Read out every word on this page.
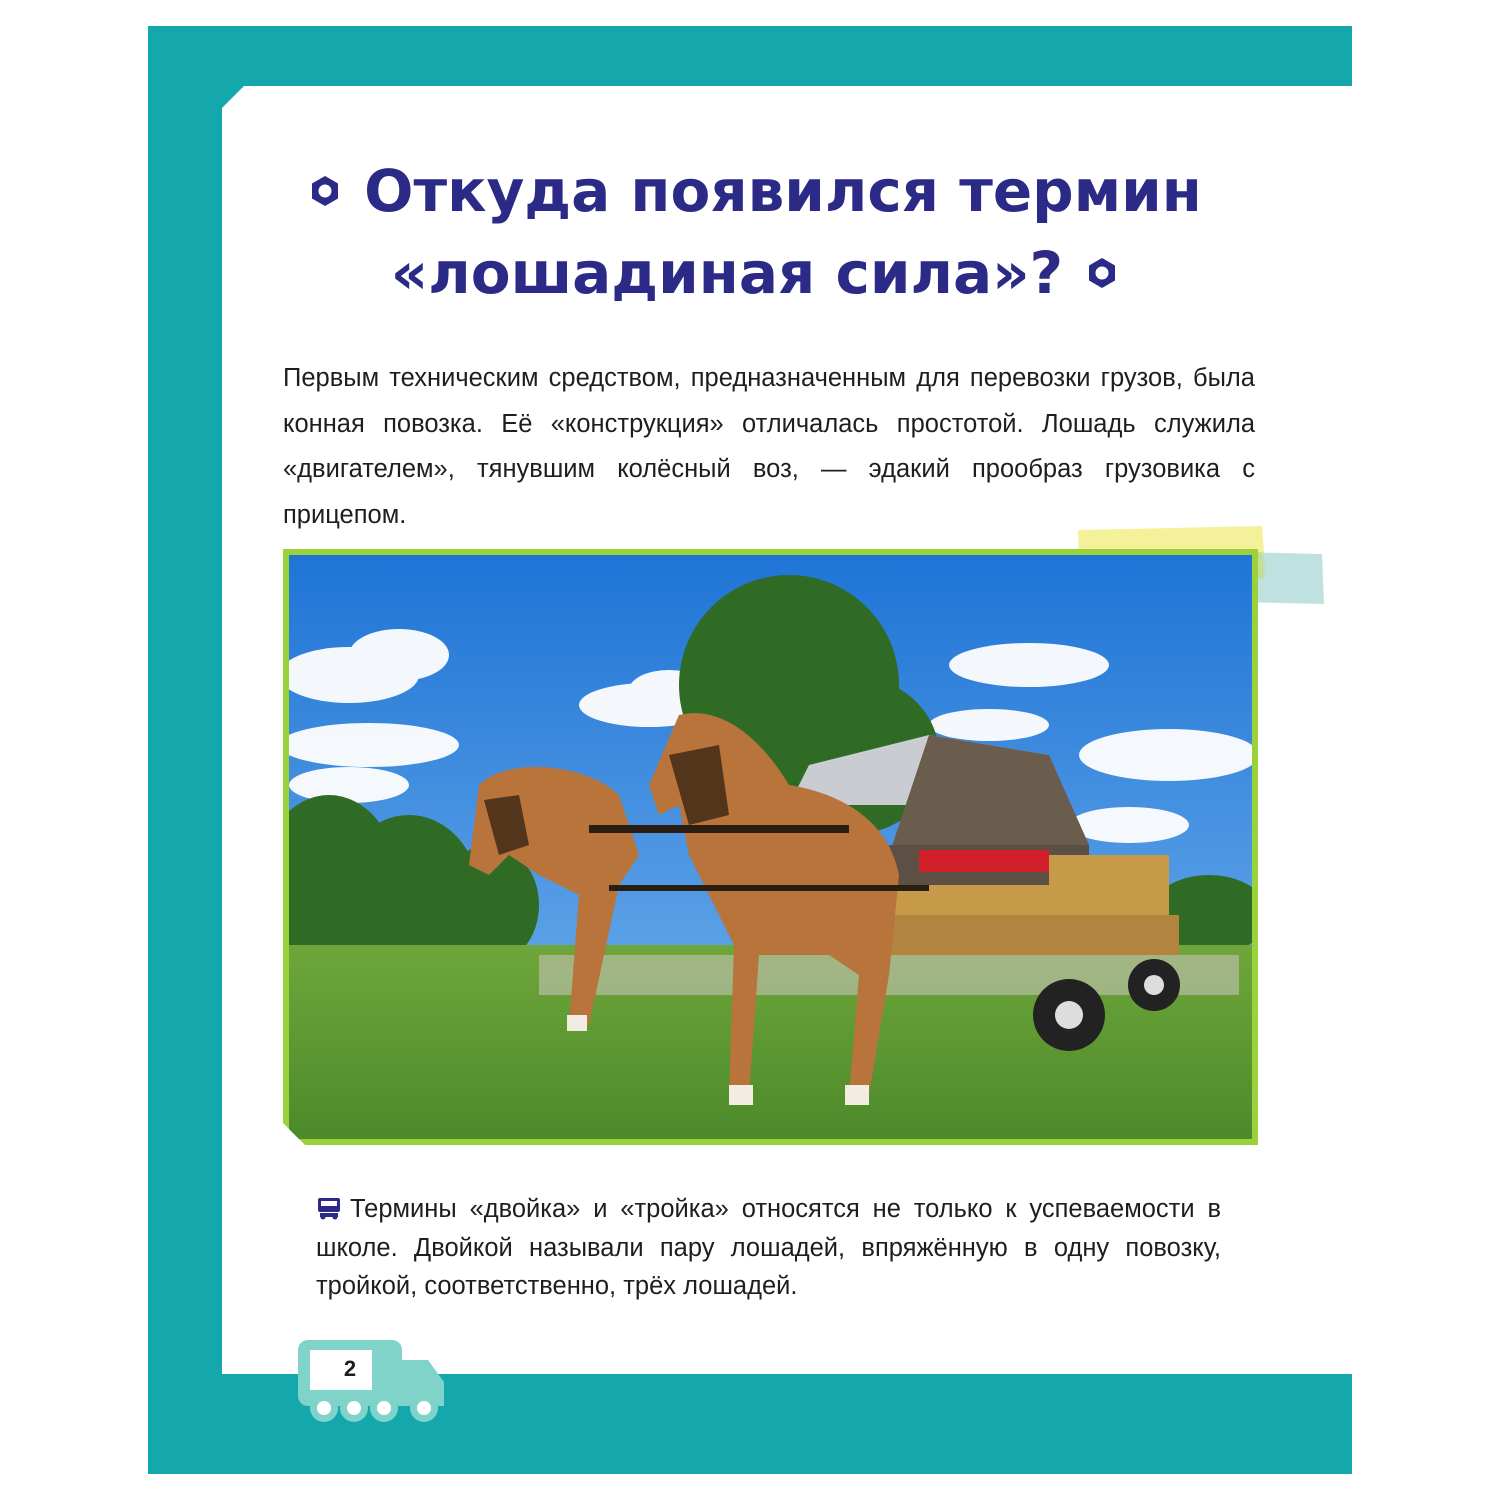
Откуда появился термин
«лошадиная сила»?

Первым техническим средством, предназначенным для перевозки грузов, была конная повозка. Её «конструкция» отличалась простотой. Лошадь служила «двигателем», тянувшим колёсный воз, — эдакий прообраз грузовика с прицепом.

Термины «двойка» и «тройка» относятся не только к успеваемости в школе. Двойкой называли пару лошадей, впряжённую в одну повозку, тройкой, соответственно, трёх лошадей.

2
